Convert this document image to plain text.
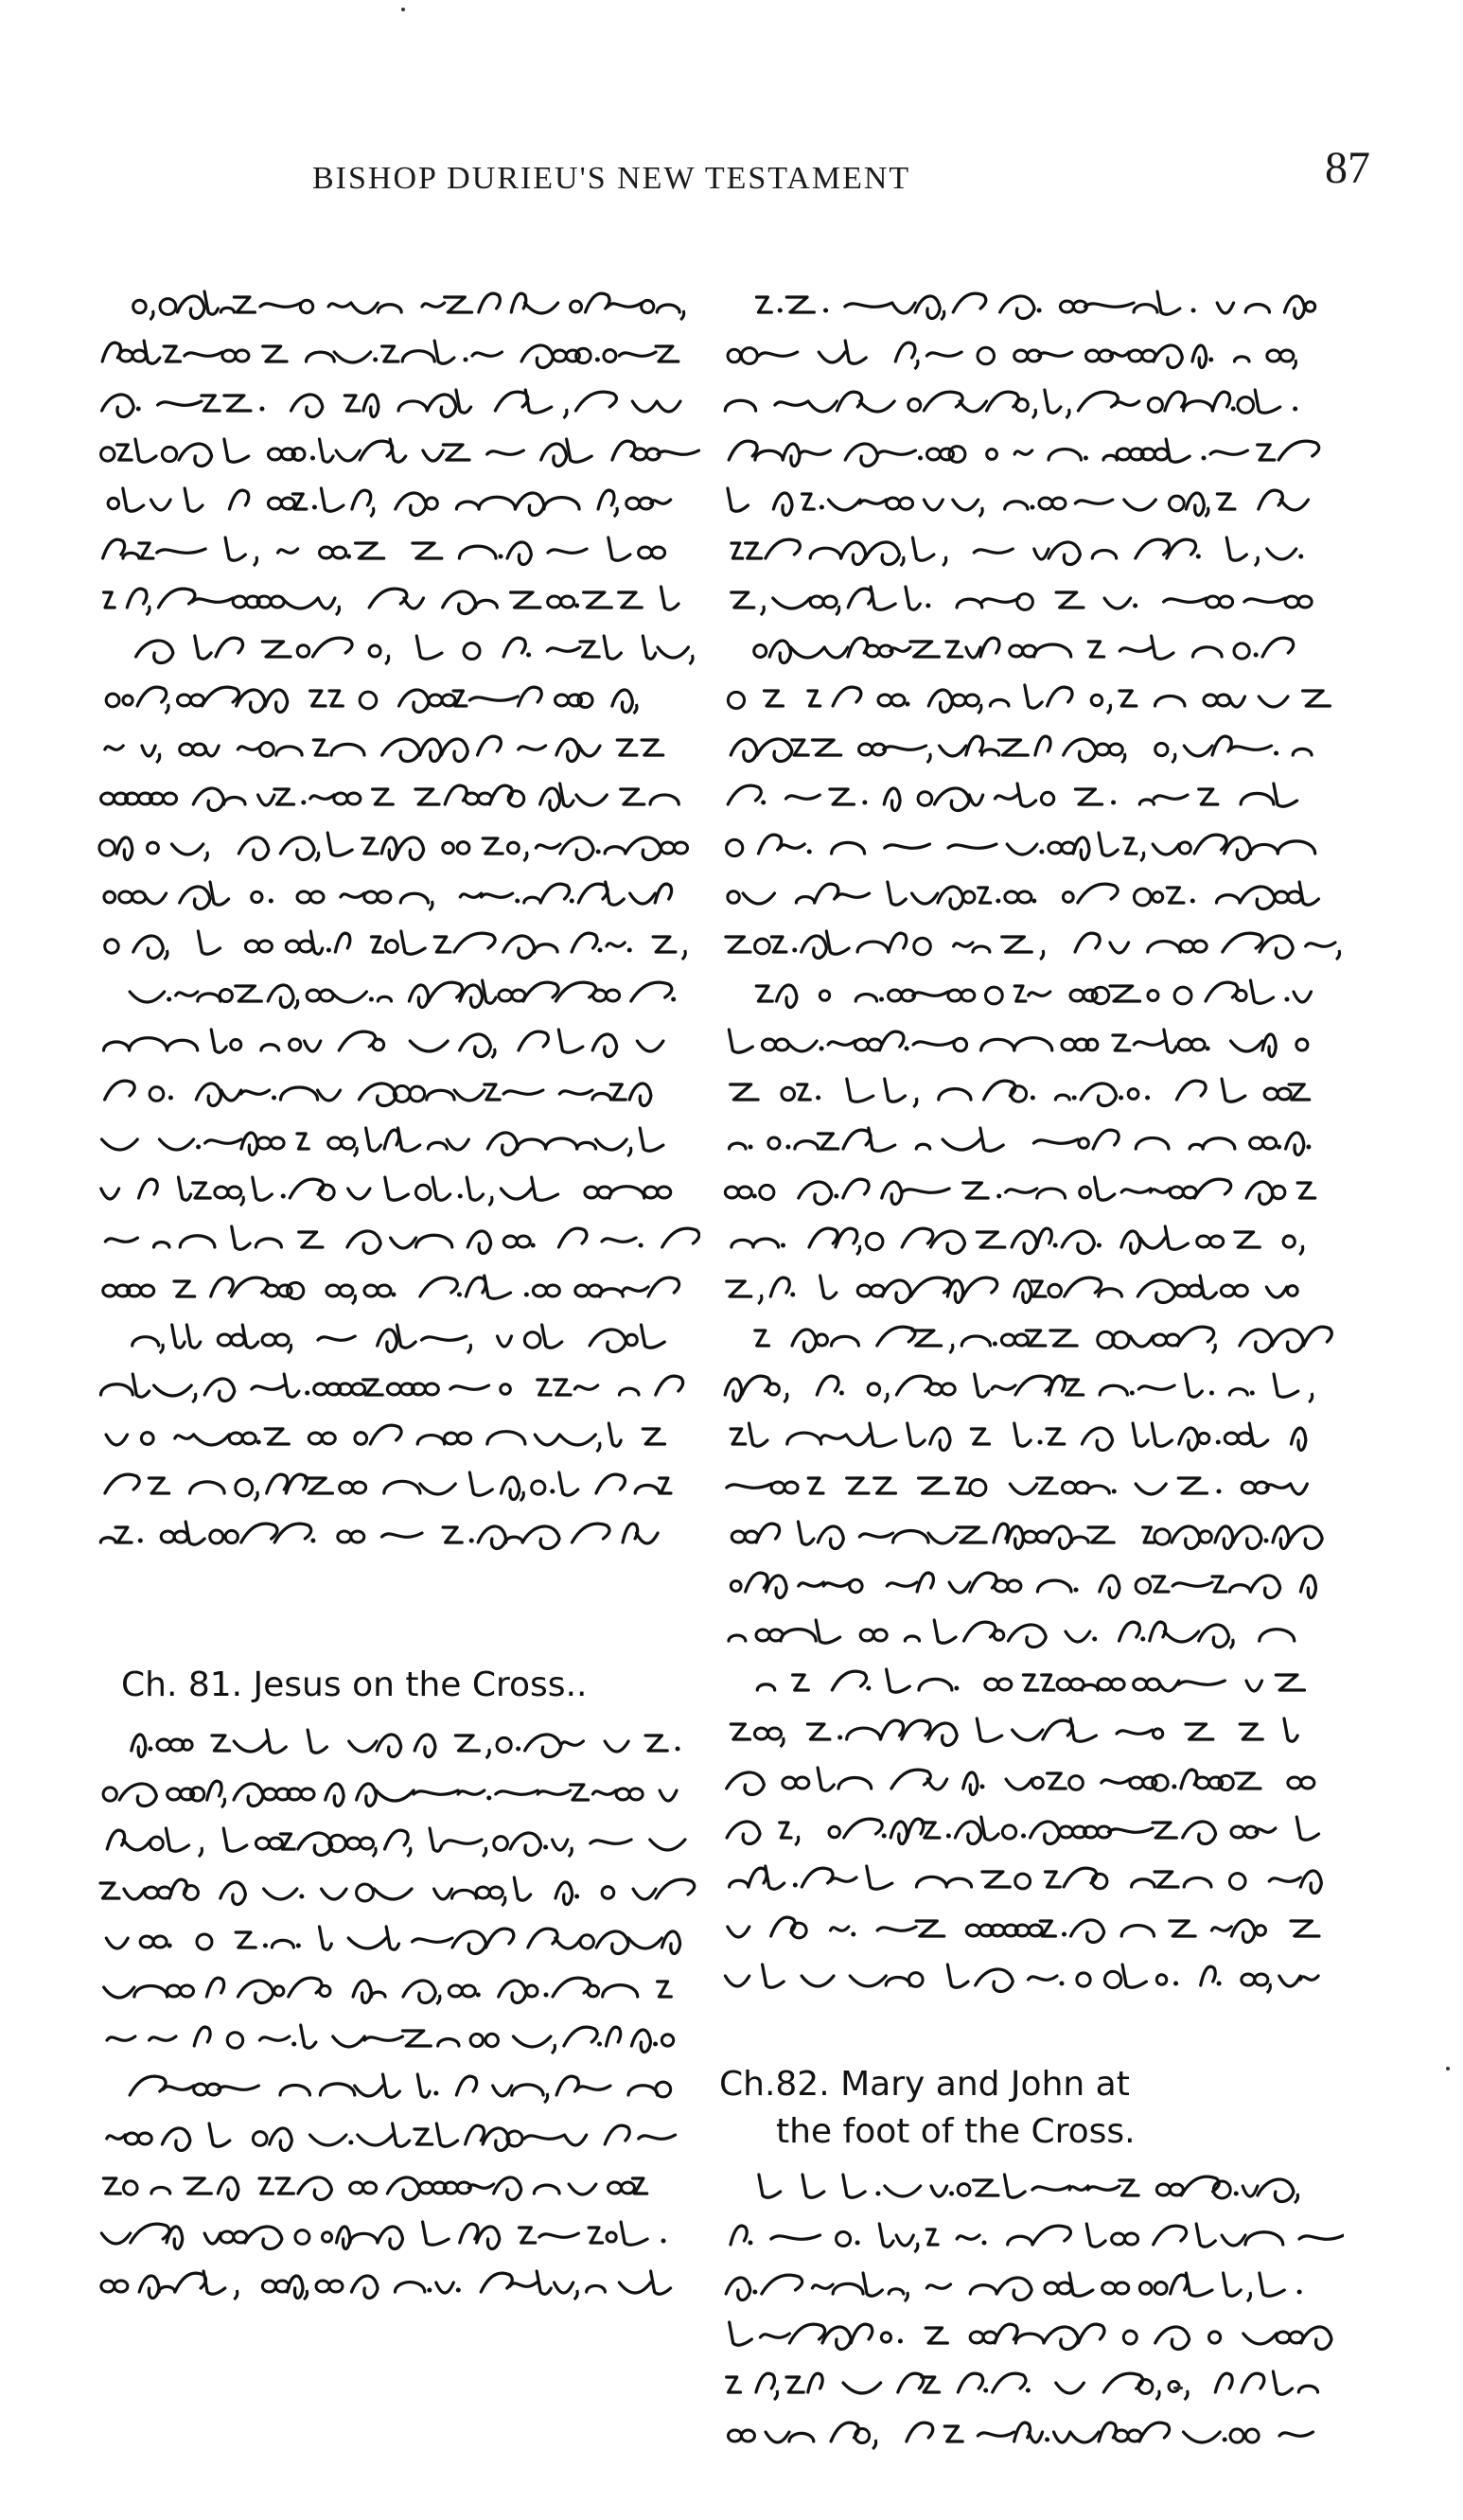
BISHOP DURIEU'S NEW TESTAMENT	87
Ch. 81. Jesus on the Cross..
Ch.82. Mary and John at
the foot of the Cross.
